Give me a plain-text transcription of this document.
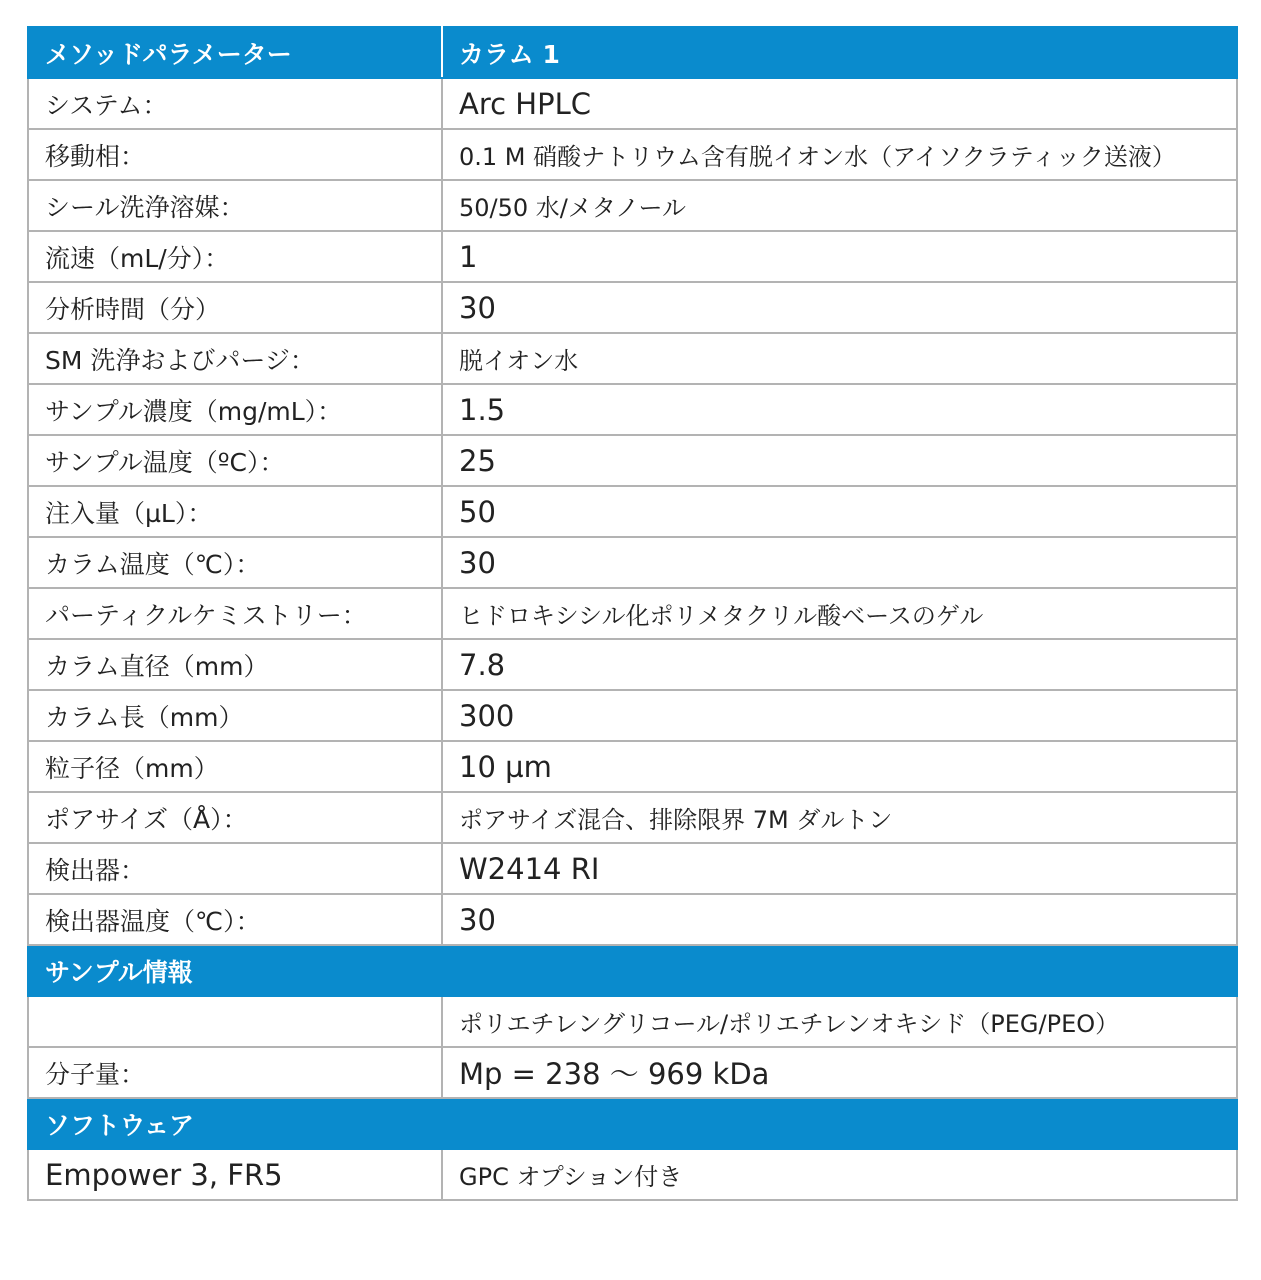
メソッドパラメーター	カラム 1
システム：	Arc HPLC
移動相：	0.1 M 硝酸ナトリウム含有脱イオン水（アイソクラティック送液）
シール洗浄溶媒：	50/50 水/メタノール
流速（mL/分）：	1
分析時間（分）	30
SM 洗浄およびパージ：	脱イオン水
サンプル濃度（mg/mL）：	1.5
サンプル温度（ºC）：	25
注入量（µL）：	50
カラム温度（℃）：	30
パーティクルケミストリー：	ヒドロキシシル化ポリメタクリル酸ベースのゲル
カラム直径（mm）	7.8
カラム長（mm）	300
粒子径（mm）	10 µm
ポアサイズ（Å）：	ポアサイズ混合、排除限界 7M ダルトン
検出器：	W2414 RI
検出器温度（℃）：	30
サンプル情報	
	ポリエチレングリコール/ポリエチレンオキシド（PEG/PEO）
分子量：	Mp = 238 ～ 969 kDa
ソフトウェア	
Empower 3, FR5	GPC オプション付き
